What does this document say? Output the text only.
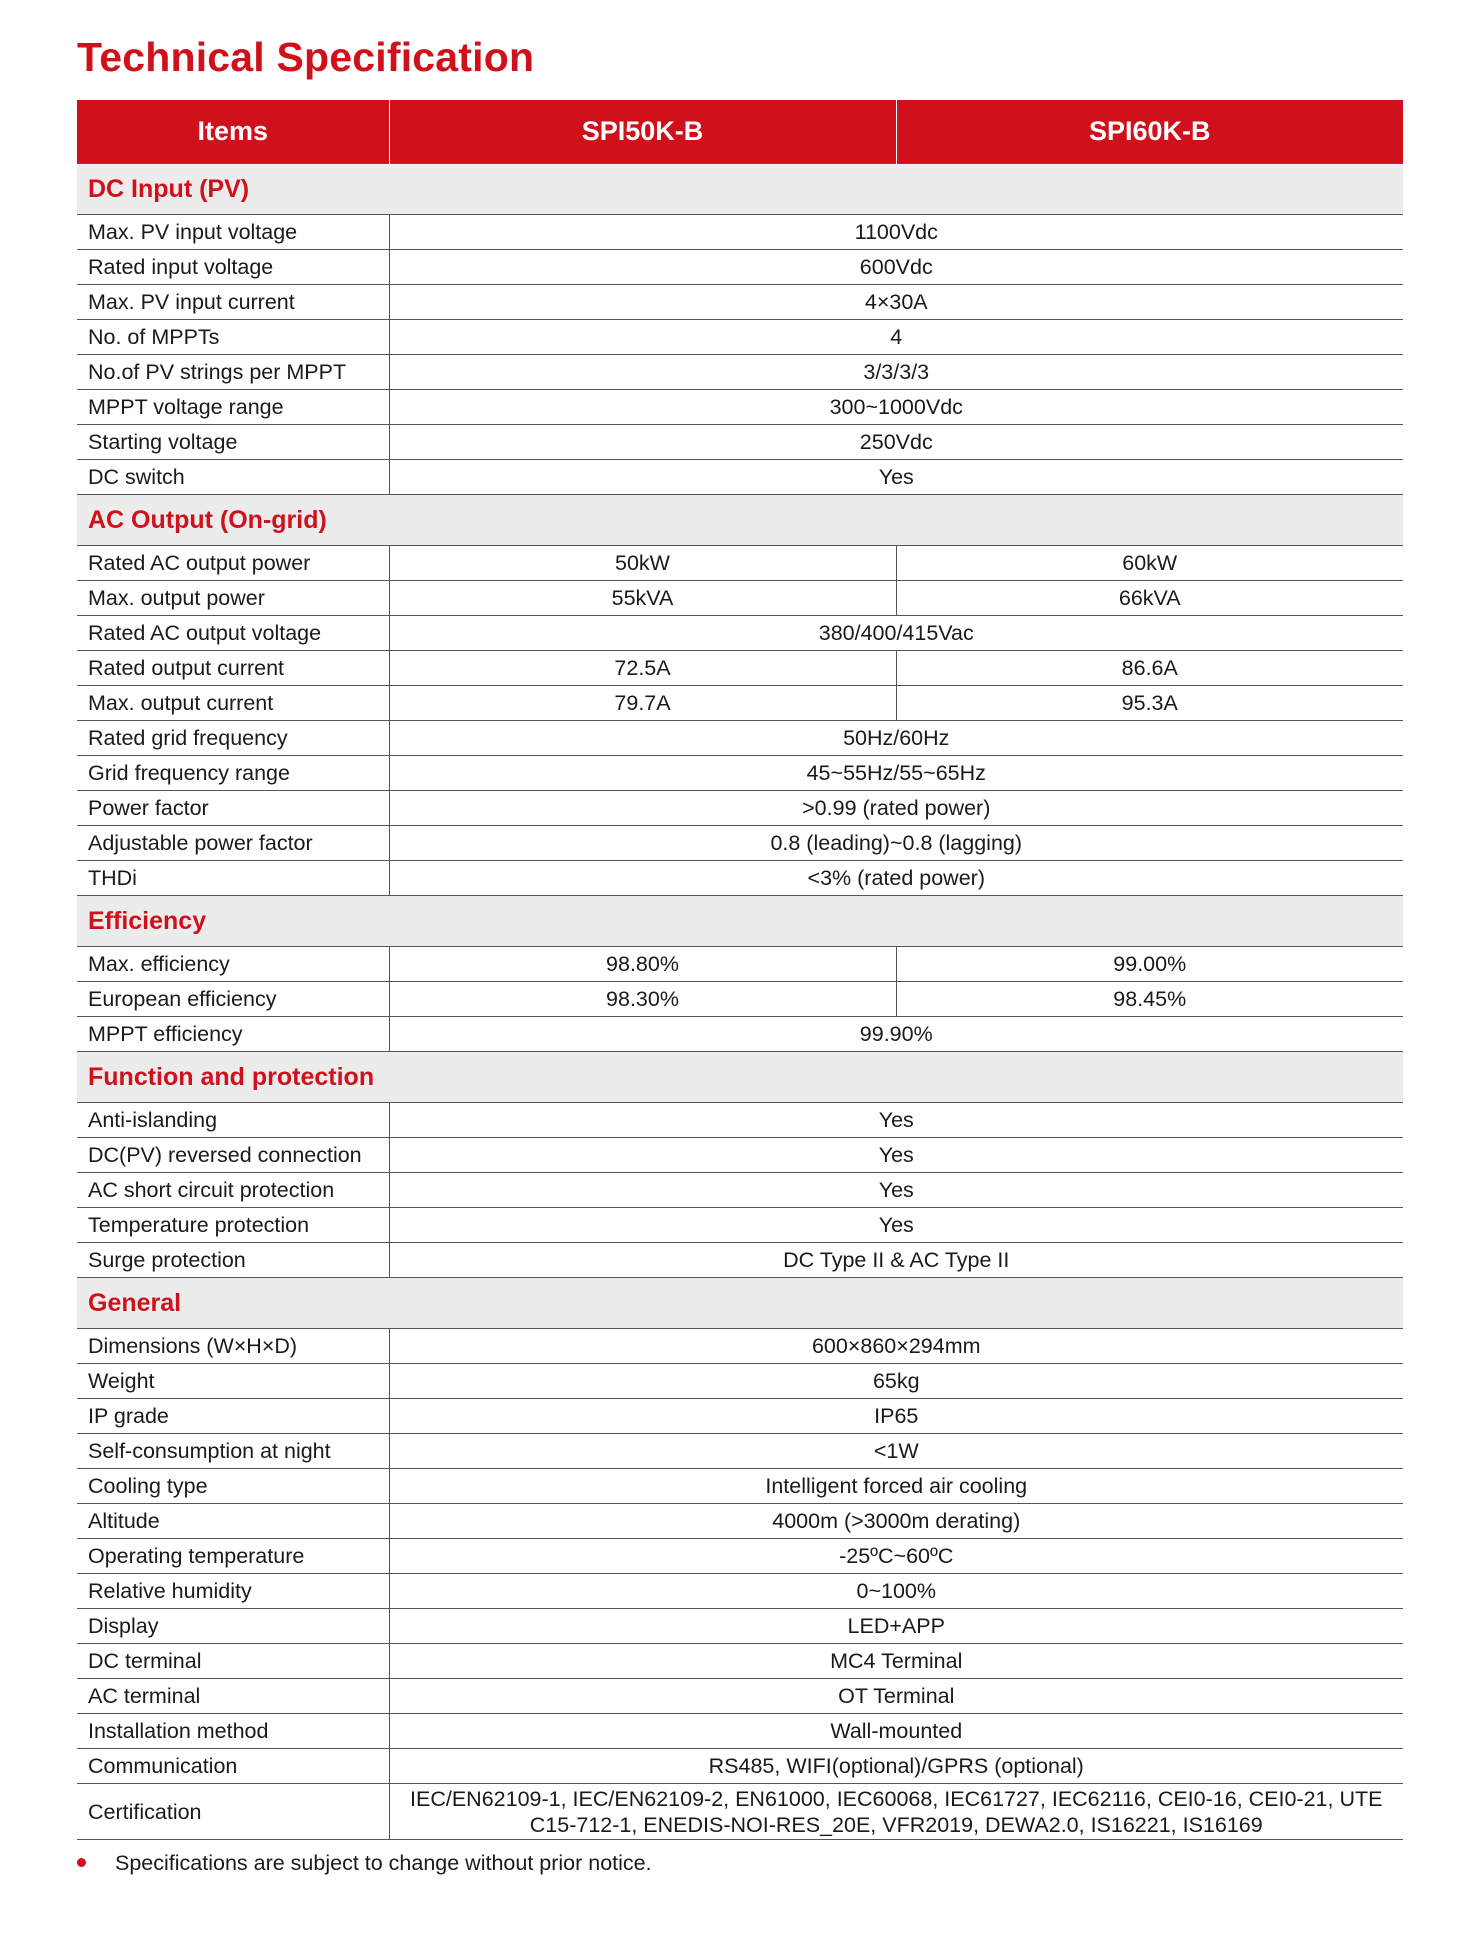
Technical Specification
Items	SPI50K-B	SPI60K-B
DC Input (PV)		
Max. PV input voltage	1100Vdc	
Rated input voltage	600Vdc	
Max. PV input current	4×30A	
No. of MPPTs	4	
No.of PV strings per MPPT	3/3/3/3	
MPPT voltage range	300~1000Vdc	
Starting voltage	250Vdc	
DC switch	Yes	
AC Output (On-grid)		
Rated AC output power	50kW	60kW
Max. output power	55kVA	66kVA
Rated AC output voltage	380/400/415Vac	
Rated output current	72.5A	86.6A
Max. output current	79.7A	95.3A
Rated grid frequency	50Hz/60Hz	
Grid frequency range	45~55Hz/55~65Hz	
Power factor	>0.99 (rated power)	
Adjustable power factor	0.8 (leading)~0.8 (lagging)	
THDi	<3% (rated power)	
Efficiency		
Max. efficiency	98.80%	99.00%
European efficiency	98.30%	98.45%
MPPT efficiency	99.90%	
Function and protection		
Anti-islanding	Yes	
DC(PV) reversed connection	Yes	
AC short circuit protection	Yes	
Temperature protection	Yes	
Surge protection	DC Type II & AC Type II	
General		
Dimensions (W×H×D)	600×860×294mm	
Weight	65kg	
IP grade	IP65	
Self-consumption at night	<1W	
Cooling type	Intelligent forced air cooling	
Altitude	4000m (>3000m derating)	
Operating temperature	-25ºC~60ºC	
Relative humidity	0~100%	
Display	LED+APP	
DC terminal	MC4 Terminal	
AC terminal	OT Terminal	
Installation method	Wall-mounted	
Communication	RS485, WIFI(optional)/GPRS (optional)	
Certification	IEC/EN62109-1, IEC/EN62109-2, EN61000, IEC60068, IEC61727, IEC62116, CEI0-16, CEI0-21, UTE C15-712-1, ENEDIS-NOI-RES_20E, VFR2019, DEWA2.0, IS16221, IS16169	
Specifications are subject to change without prior notice.
